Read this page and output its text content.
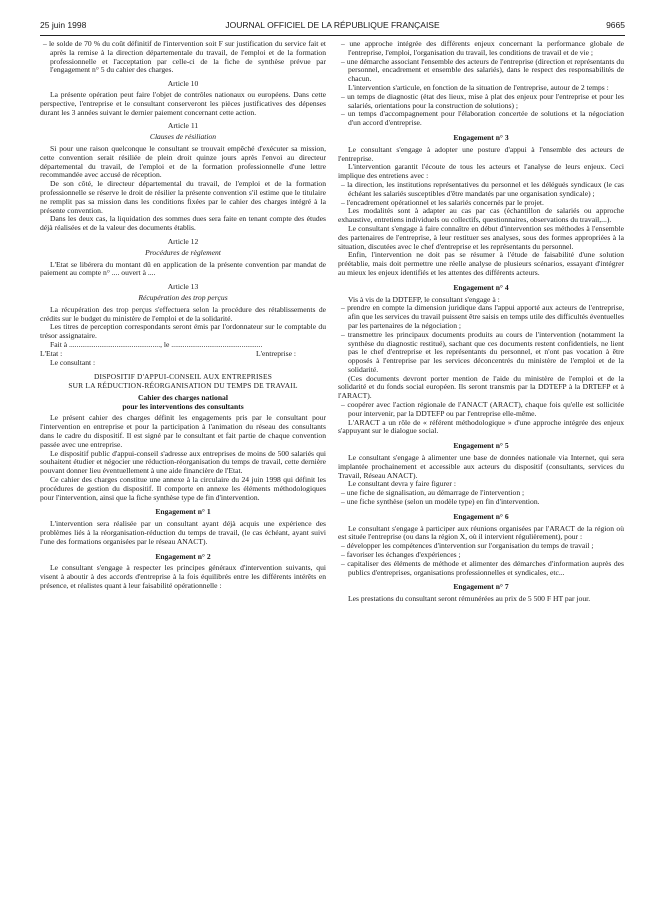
25 juin 1998	JOURNAL OFFICIEL DE LA RÉPUBLIQUE FRANÇAISE	9665

– le solde de 70 % du coût définitif de l'intervention soit F sur justification du service fait et après la remise à la direction départementale du travail, de l'emploi et de la formation professionnelle et l'acceptation par celle-ci de la fiche de synthèse prévue par l'engagement n° 5 du cahier des charges.

Article 10

La présente opération peut faire l'objet de contrôles nationaux ou européens. Dans cette perspective, l'entreprise et le consultant conserveront les pièces justificatives des dépenses durant les 3 années suivant le dernier paiement concernant cette action.

Article 11
Clauses de résiliation

Si pour une raison quelconque le consultant se trouvait empêché d'exécuter sa mission, cette convention serait résiliée de plein droit quinze jours après l'envoi au directeur départemental du travail, de l'emploi et de la formation professionnelle d'une lettre recommandée avec accusé de réception.

De son côté, le directeur départemental du travail, de l'emploi et de la formation professionnelle se réserve le droit de résilier la présente convention s'il estime que le titulaire ne remplit pas sa mission dans les conditions fixées par le cahier des charges intégré à la présente convention.

Dans les deux cas, la liquidation des sommes dues sera faite en tenant compte des études déjà réalisées et de la valeur des documents établis.

Article 12
Procédures de règlement

L'Etat se libérera du montant dû en application de la présente convention par mandat de paiement au compte n° .... ouvert à ....

Article 13
Récupération des trop perçus

La récupération des trop perçus s'effectuera selon la procédure des rétablissements de crédits sur le budget du ministère de l'emploi et de la solidarité.

Les titres de perception correspondants seront émis par l'ordonnateur sur le comptable du trésor assignataire.

Fait à ................................................, le ................................................

L'Etat :	L'entreprise :

Le consultant :

DISPOSITIF D'APPUI-CONSEIL AUX ENTREPRISES
SUR LA RÉDUCTION-RÉORGANISATION DU TEMPS DE TRAVAIL
Cahier des charges national
pour les interventions des consultants

Le présent cahier des charges définit les engagements pris par le consultant pour l'intervention en entreprise et pour la participation à l'animation du réseau des consultants dans le cadre du dispositif. Il est signé par le consultant et fait partie de chaque convention passée avec une entreprise.

Le dispositif public d'appui-conseil s'adresse aux entreprises de moins de 500 salariés qui souhaitent étudier et négocier une réduction-réorganisation du temps de travail, cette dernière pouvant donner lieu éventuellement à une aide financière de l'Etat.

Ce cahier des charges constitue une annexe à la circulaire du 24 juin 1998 qui définit les procédures de gestion du dispositif. Il comporte en annexe les éléments méthodologiques pour l'intervention, ainsi que la fiche synthèse type de fin d'intervention.

Engagement n° 1

L'intervention sera réalisée par un consultant ayant déjà acquis une expérience des problèmes liés à la réorganisation-réduction du temps de travail, (le cas échéant, ayant suivi l'une des formations organisées par le réseau ANACT).

Engagement n° 2

Le consultant s'engage à respecter les principes généraux d'intervention suivants, qui visent à aboutir à des accords d'entreprise à la fois équilibrés entre les différents intérêts en présence, et réalistes quant à leur faisabilité opérationnelle :

– une approche intégrée des différents enjeux concernant la performance globale de l'entreprise, l'emploi, l'organisation du travail, les conditions de travail et de vie ;

– une démarche associant l'ensemble des acteurs de l'entreprise (direction et représentants du personnel, encadrement et ensemble des salariés), dans le respect des responsabilités de chacun.

L'intervention s'articule, en fonction de la situation de l'entreprise, autour de 2 temps :

– un temps de diagnostic (état des lieux, mise à plat des enjeux pour l'entreprise et pour les salariés, orientations pour la construction de solutions) ;

– un temps d'accompagnement pour l'élaboration concertée de solutions et la négociation d'un accord d'entreprise.

Engagement n° 3

Le consultant s'engage à adopter une posture d'appui à l'ensemble des acteurs de l'entreprise.

L'intervention garantit l'écoute de tous les acteurs et l'analyse de leurs enjeux. Ceci implique des entretiens avec :

– la direction, les institutions représentatives du personnel et les délégués syndicaux (le cas échéant les salariés susceptibles d'être mandatés par une organisation syndicale) ;

– l'encadrement opérationnel et les salariés concernés par le projet.

Les modalités sont à adapter au cas par cas (échantillon de salariés ou approche exhaustive, entretiens individuels ou collectifs, questionnaires, observations du travail,...).

Le consultant s'engage à faire connaître en début d'intervention ses méthodes à l'ensemble des partenaires de l'entreprise, à leur restituer ses analyses, sous des formes appropriées à la situation, discutées avec le chef d'entreprise et les représentants du personnel.

Enfin, l'intervention ne doit pas se résumer à l'étude de faisabilité d'une solution préétablie, mais doit permettre une réelle analyse de plusieurs scénarios, essayant d'intégrer au mieux les enjeux identifiés et les attentes des différents acteurs.

Engagement n° 4

Vis à vis de la DDTEFP, le consultant s'engage à :

– prendre en compte la dimension juridique dans l'appui apporté aux acteurs de l'entreprise, afin que les services du travail puissent être saisis en temps utile des difficultés éventuelles par les partenaires de la négociation ;

– transmettre les principaux documents produits au cours de l'intervention (notamment la synthèse du diagnostic restitué), sachant que ces documents restent confidentiels, ne lient pas le chef d'entreprise et les représentants du personnel, et n'ont pas vocation à être opposés à l'entreprise par les services déconcentrés du ministère de l'emploi et de la solidarité.

(Ces documents devront porter mention de l'aide du ministère de l'emploi et de la solidarité et du fonds social européen. Ils seront transmis par la DDTEFP à la DRTEFP et à l'ARACT).

– coopérer avec l'action régionale de l'ANACT (ARACT), chaque fois qu'elle est sollicitée pour intervenir, par la DDTEFP ou par l'entreprise elle-même.

L'ARACT a un rôle de « référent méthodologique » d'une approche intégrée des enjeux s'appuyant sur le dialogue social.

Engagement n° 5

Le consultant s'engage à alimenter une base de données nationale via Internet, qui sera implantée prochainement et accessible aux acteurs du dispositif (consultants, services du Travail, Réseau ANACT).

Le consultant devra y faire figurer :

– une fiche de signalisation, au démarrage de l'intervention ;

– une fiche synthèse (selon un modèle type) en fin d'intervention.

Engagement n° 6

Le consultant s'engage à participer aux réunions organisées par l'ARACT de la région où est située l'entreprise (ou dans la région X, où il intervient régulièrement), pour :

– développer les compétences d'intervention sur l'organisation du temps de travail ;

– favoriser les échanges d'expériences ;

– capitaliser des éléments de méthode et alimenter des démarches d'information auprès des publics d'entreprises, organisations professionnelles et syndicales, etc...

Engagement n° 7

Les prestations du consultant seront rémunérées au prix de 5 500 F HT par jour.
